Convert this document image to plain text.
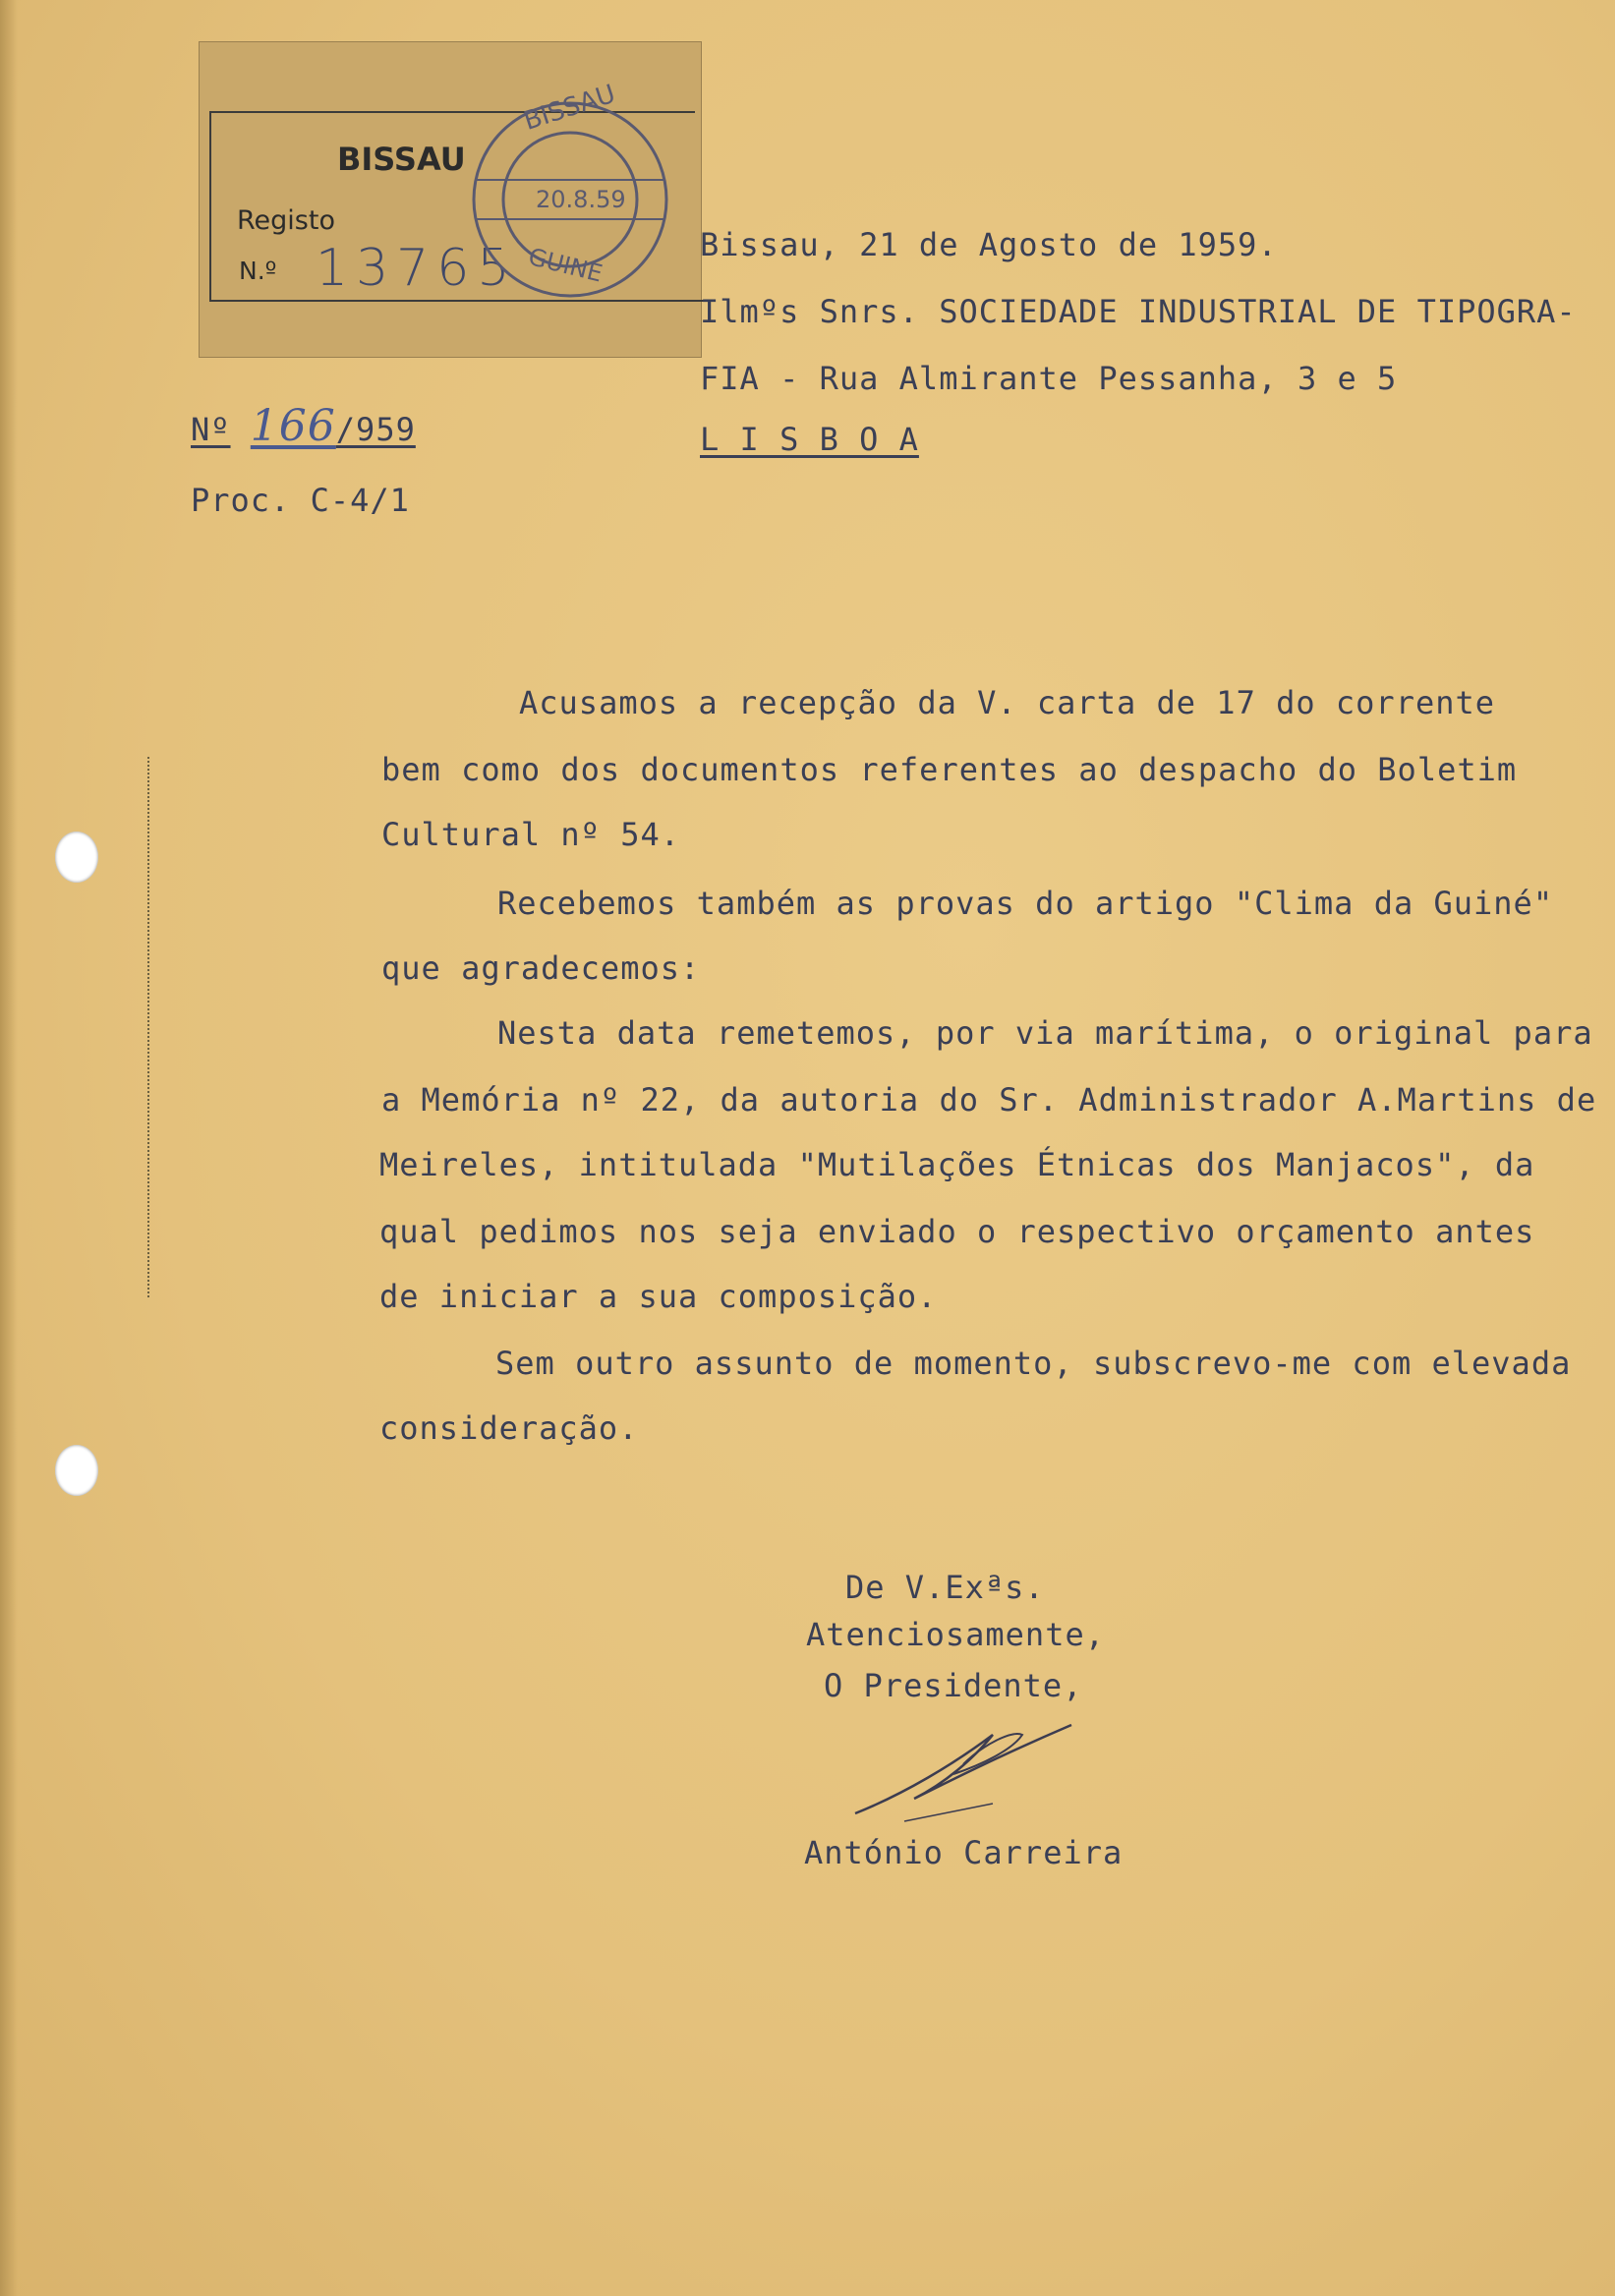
BISSAU
Registo
N.º 13765
BISSAU
20.8.59
GUINÉ
Nº 166/959
Proc. C-4/1
Bissau, 21 de Agosto de 1959.
Ilmºs Snrs. SOCIEDADE INDUSTRIAL DE TIPOGRA-
FIA - Rua Almirante Pessanha, 3 e 5
L I S B O A
Acusamos a recepção da V. carta de 17 do corrente
bem como dos documentos referentes ao despacho do Boletim
Cultural nº 54.
Recebemos também as provas do artigo "Clima da Guiné"
que agradecemos:
Nesta data remetemos, por via marítima, o original para
a Memória nº 22, da autoria do Sr. Administrador A.Martins de
Meireles, intitulada "Mutilações Étnicas dos Manjacos", da
qual pedimos nos seja enviado o respectivo orçamento antes
de iniciar a sua composição.
Sem outro assunto de momento, subscrevo-me com elevada
consideração.
De V.Exªs.
Atenciosamente,
O Presidente,
António Carreira
